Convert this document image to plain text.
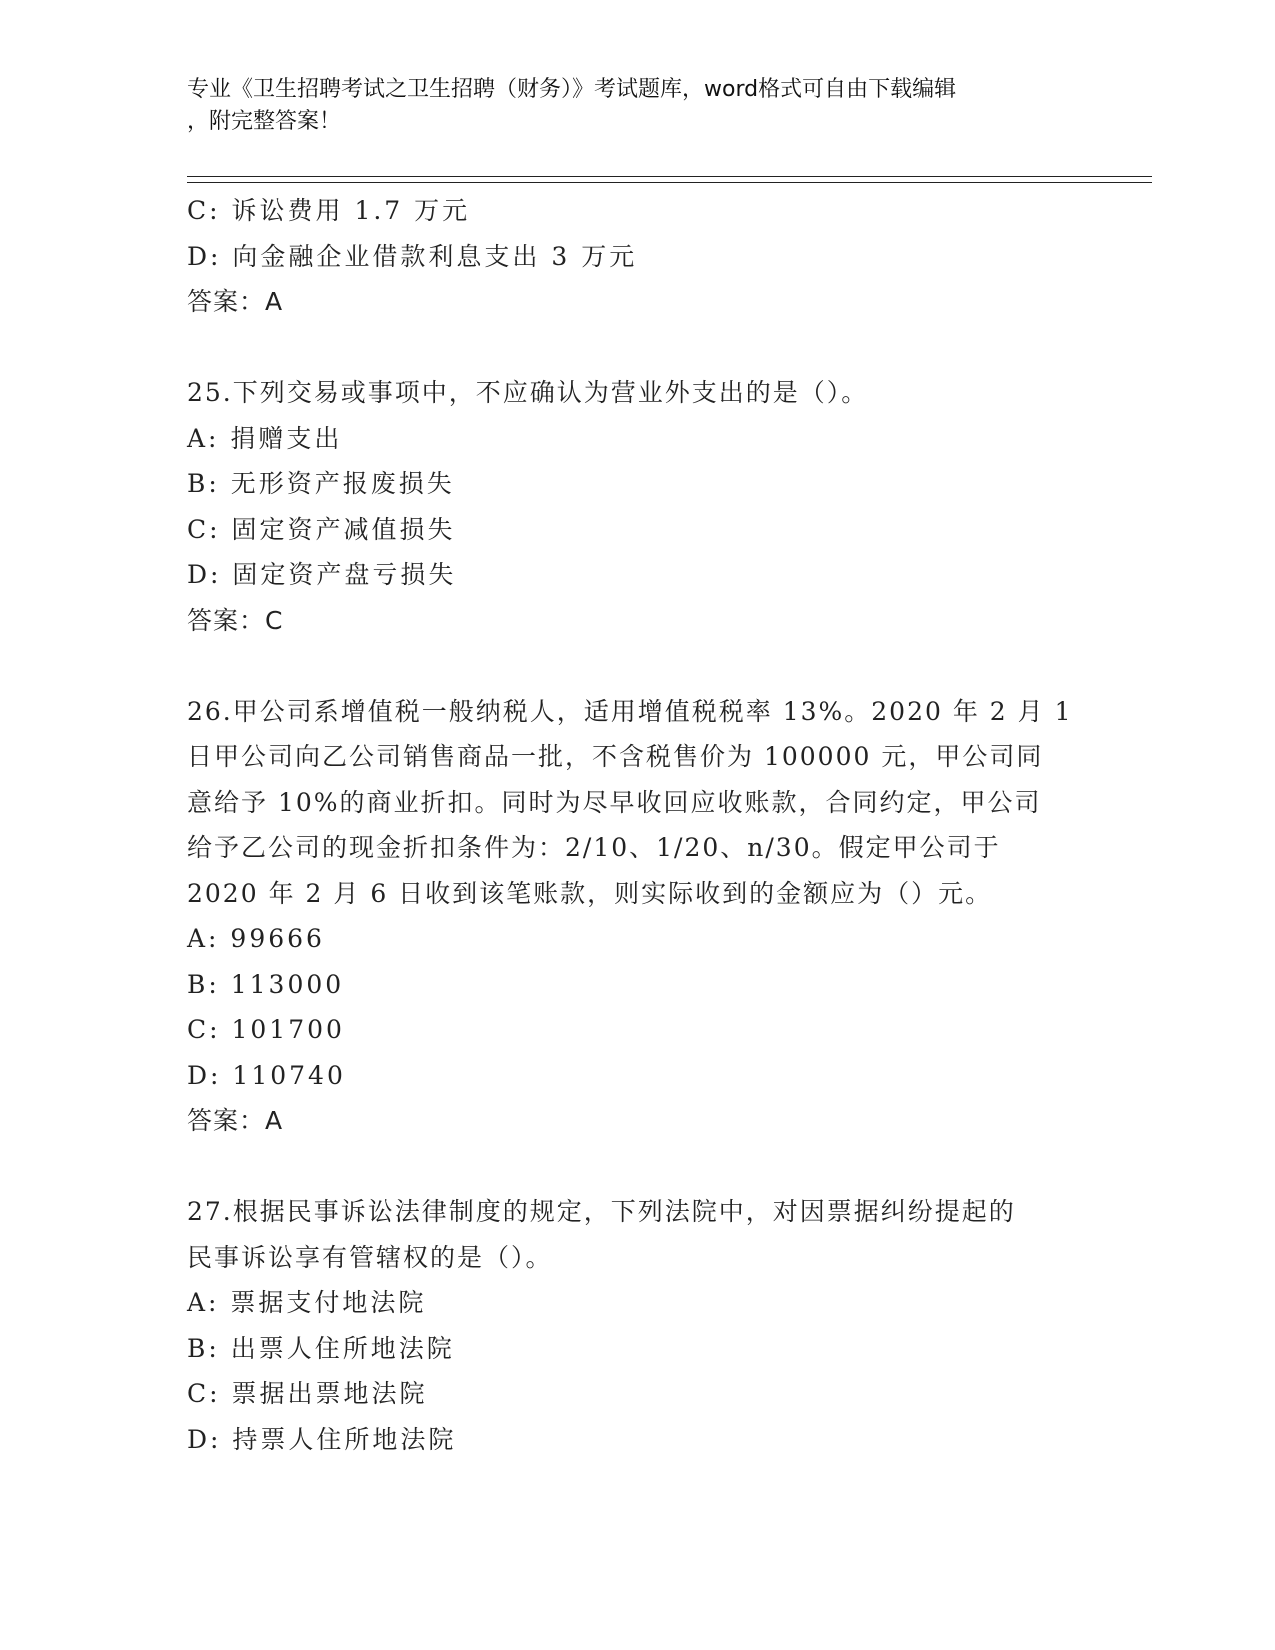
专业《卫生招聘考试之卫生招聘（财务）》考试题库，word格式可自由下载编辑
，附完整答案！
C: 诉讼费用 1.7 万元
D: 向金融企业借款利息支出 3 万元
答案：A
25.下列交易或事项中，不应确认为营业外支出的是（）。
A: 捐赠支出
B: 无形资产报废损失
C: 固定资产减值损失
D: 固定资产盘亏损失
答案：C
26.甲公司系增值税一般纳税人，适用增值税税率 13%。2020 年 2 月 1
日甲公司向乙公司销售商品一批，不含税售价为 100000 元，甲公司同
意给予 10%的商业折扣。同时为尽早收回应收账款，合同约定，甲公司
给予乙公司的现金折扣条件为：2/10、1/20、n/30。假定甲公司于
2020 年 2 月 6 日收到该笔账款，则实际收到的金额应为（）元。
A: 99666
B: 113000
C: 101700
D: 110740
答案：A
27.根据民事诉讼法律制度的规定，下列法院中，对因票据纠纷提起的
民事诉讼享有管辖权的是（）。
A: 票据支付地法院
B: 出票人住所地法院
C: 票据出票地法院
D: 持票人住所地法院
